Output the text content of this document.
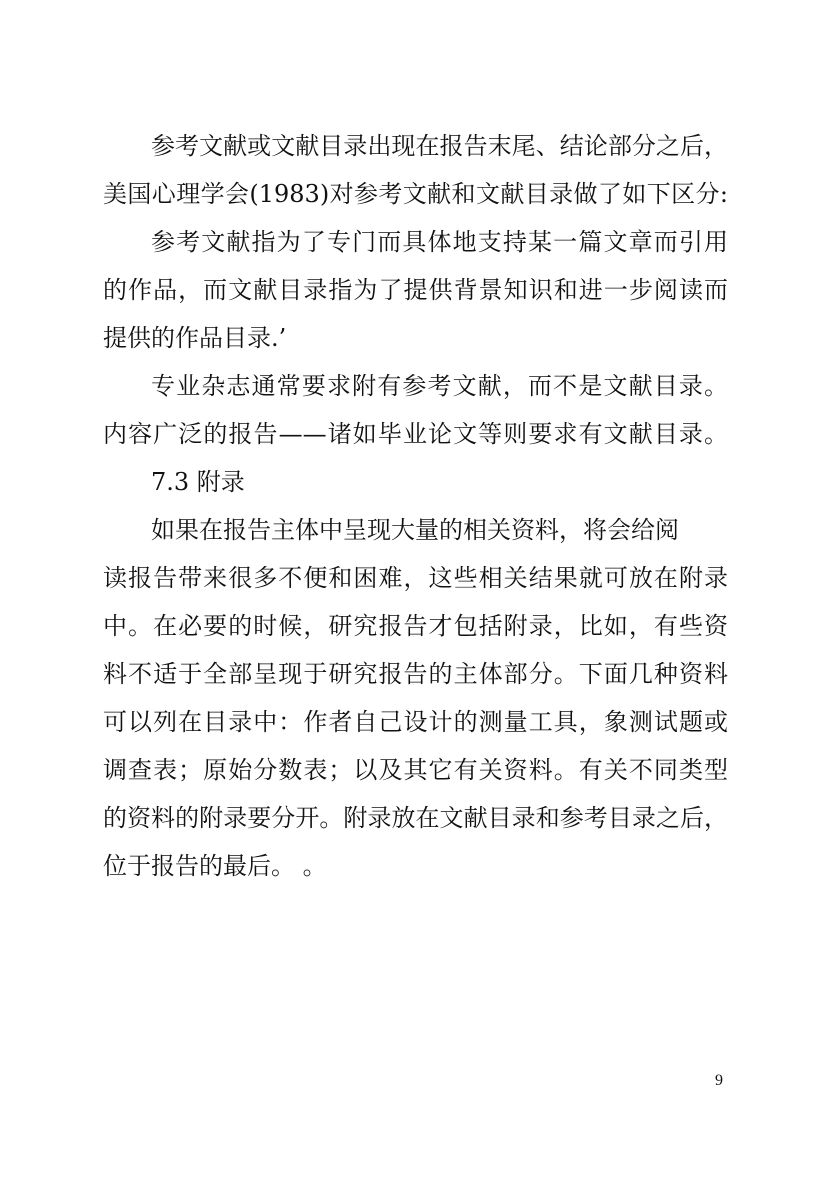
参考文献或文献目录出现在报告末尾、结论部分之后，
美国心理学会(1983)对参考文献和文献目录做了如下区分:
参考文献指为了专门而具体地支持某一篇文章而引用
的作品，而文献目录指为了提供背景知识和进一步阅读而
提供的作品目录.’
专业杂志通常要求附有参考文献，而不是文献目录。
内容广泛的报告——诸如毕业论文等则要求有文献目录。
7.3 附录
如果在报告主体中呈现大量的相关资料，将会给阅
读报告带来很多不便和困难，这些相关结果就可放在附录
中。在必要的时候，研究报告才包括附录，比如，有些资
料不适于全部呈现于研究报告的主体部分。下面几种资料
可以列在目录中：作者自己设计的测量工具，象测试题或
调查表；原始分数表；以及其它有关资料。有关不同类型
的资料的附录要分开。附录放在文献目录和参考目录之后，
位于报告的最后。 。
9
